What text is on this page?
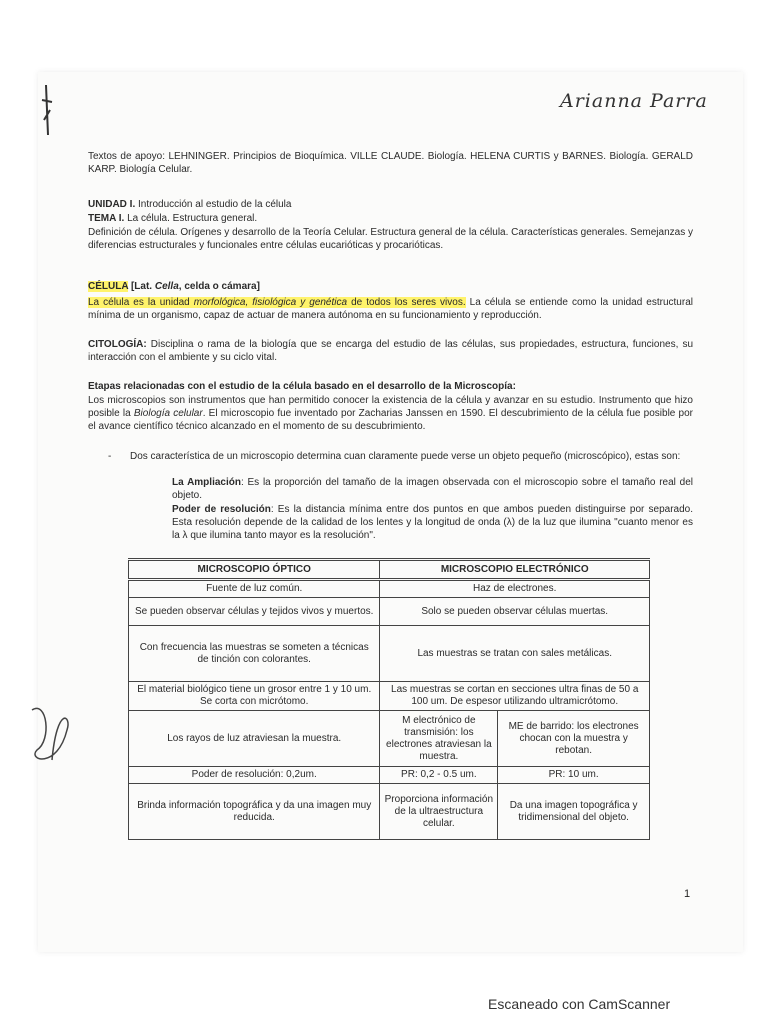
Arianna Parra
Textos de apoyo: LEHNINGER. Principios de Bioquímica. VILLE CLAUDE. Biología. HELENA CURTIS y BARNES. Biología. GERALD KARP. Biología Celular.
UNIDAD I. Introducción al estudio de la célula
TEMA I. La célula. Estructura general.
Definición de célula. Orígenes y desarrollo de la Teoría Celular. Estructura general de la célula. Características generales. Semejanzas y diferencias estructurales y funcionales entre células eucarióticas y procarióticas.
CÉLULA [Lat. Cella, celda o cámara]
La célula es la unidad morfológica, fisiológica y genética de todos los seres vivos. La célula se entiende como la unidad estructural mínima de un organismo, capaz de actuar de manera autónoma en su funcionamiento y reproducción.
CITOLOGÍA: Disciplina o rama de la biología que se encarga del estudio de las células, sus propiedades, estructura, funciones, su interacción con el ambiente y su ciclo vital.
Etapas relacionadas con el estudio de la célula basado en el desarrollo de la Microscopía:
Los microscopios son instrumentos que han permitido conocer la existencia de la célula y avanzar en su estudio. Instrumento que hizo posible la Biología celular. El microscopio fue inventado por Zacharias Janssen en 1590. El descubrimiento de la célula fue posible por el avance científico técnico alcanzado en el momento de su descubrimiento.
- Dos característica de un microscopio determina cuan claramente puede verse un objeto pequeño (microscópico), estas son:
La Ampliación: Es la proporción del tamaño de la imagen observada con el microscopio sobre el tamaño real del objeto.
Poder de resolución: Es la distancia mínima entre dos puntos en que ambos pueden distinguirse por separado. Esta resolución depende de la calidad de los lentes y la longitud de onda (λ) de la luz que ilumina "cuanto menor es la λ que ilumina tanto mayor es la resolución".
MICROSCOPIO ÓPTICO	MICROSCOPIO ELECTRÓNICO	
Fuente de luz común.	Haz de electrones.	
Se pueden observar células y tejidos vivos y muertos.	Solo se pueden observar células muertas.	
Con frecuencia las muestras se someten a técnicas de tinción con colorantes.	Las muestras se tratan con sales metálicas.	
El material biológico tiene un grosor entre 1 y 10 um. Se corta con micrótomo.	Las muestras se cortan en secciones ultra finas de 50 a 100 um. De espesor utilizando ultramicrótomo.	
Los rayos de luz atraviesan la muestra.	M electrónico de transmisión: los electrones atraviesan la muestra.	ME de barrido: los electrones chocan con la muestra y rebotan.
Poder de resolución: 0,2um.	PR: 0,2 - 0.5 um.	PR: 10 um.
Brinda información topográfica y da una imagen muy reducida.	Proporciona información de la ultraestructura celular.	Da una imagen topográfica y tridimensional del objeto.
1
Escaneado con CamScanner
